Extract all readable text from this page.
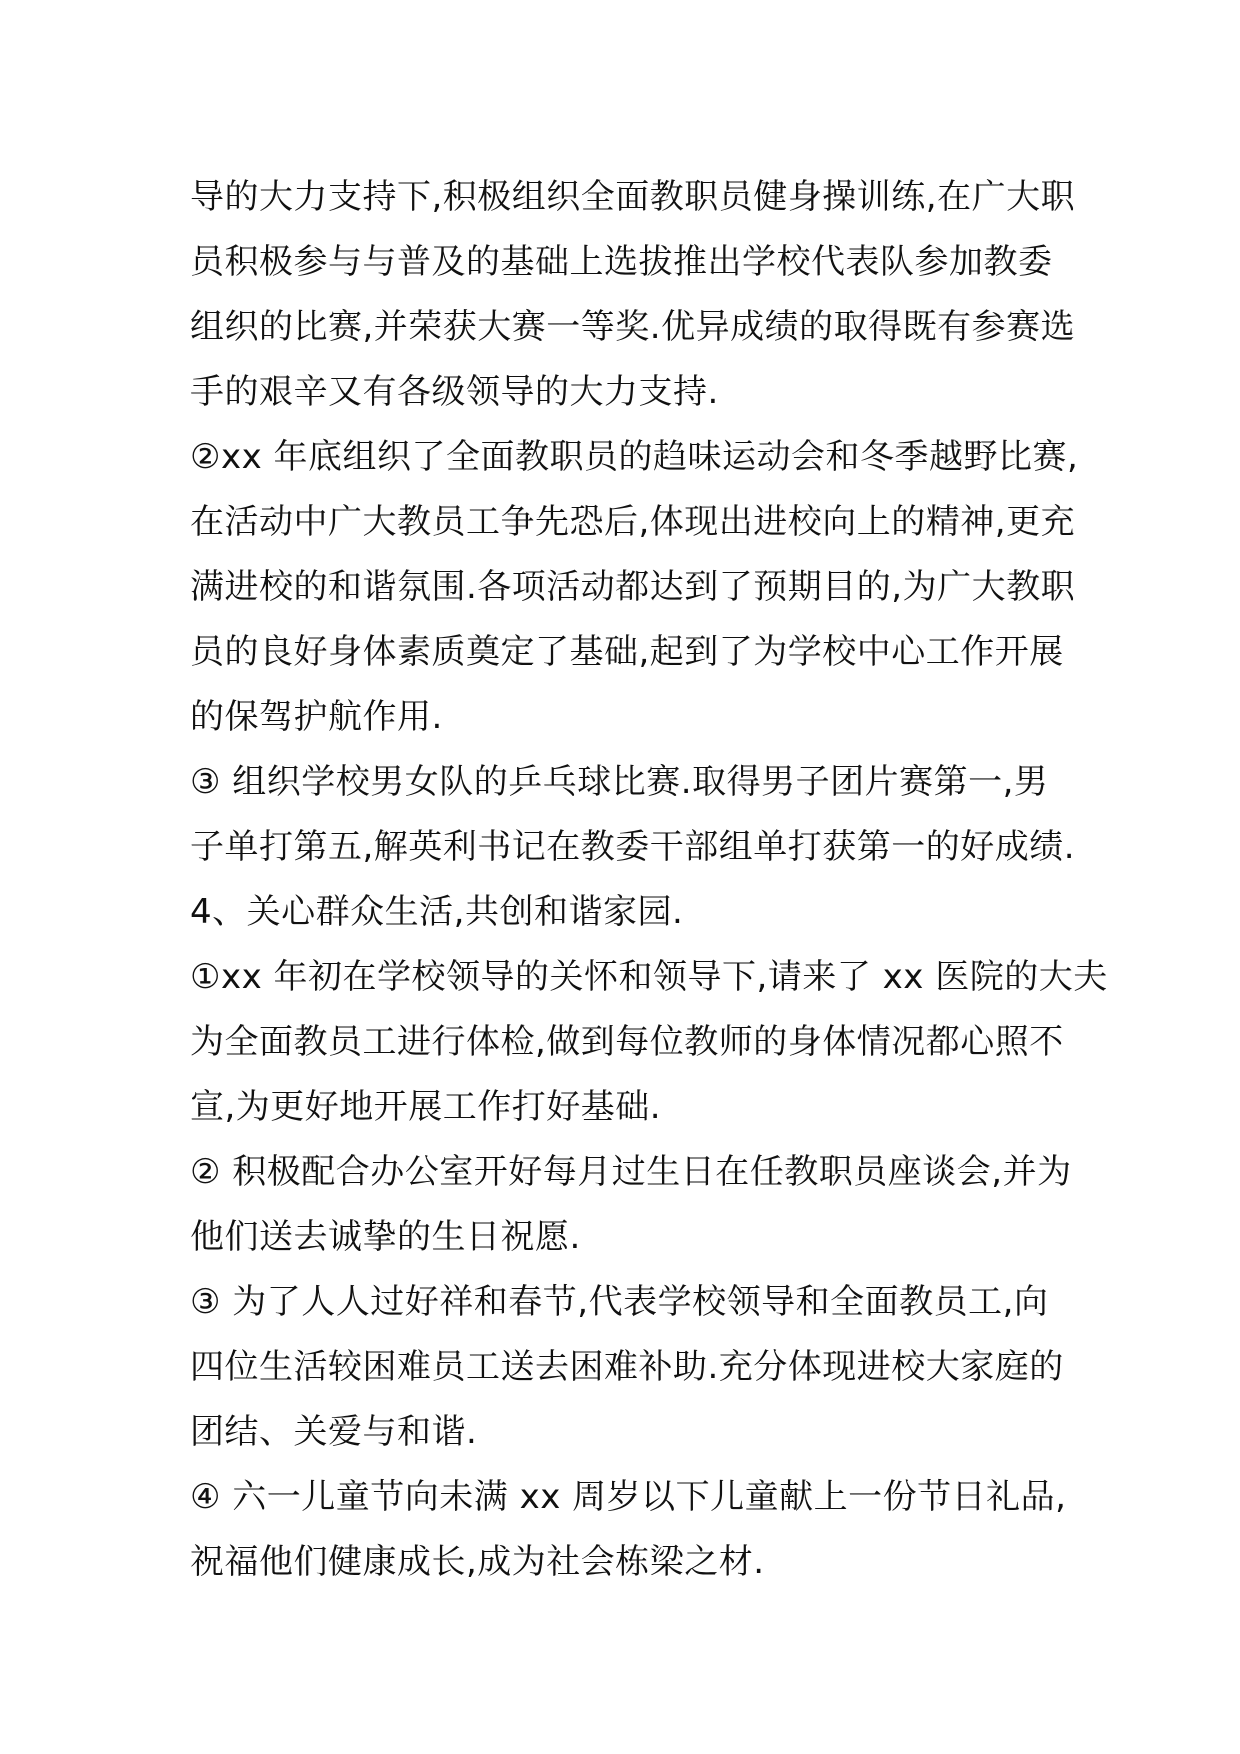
导的大力支持下,积极组织全面教职员健身操训练,在广大职
员积极参与与普及的基础上选拔推出学校代表队参加教委
组织的比赛,并荣获大赛一等奖.优异成绩的取得既有参赛选
手的艰辛又有各级领导的大力支持.
②xx 年底组织了全面教职员的趋味运动会和冬季越野比赛,
在活动中广大教员工争先恐后,体现出进校向上的精神,更充
满进校的和谐氛围.各项活动都达到了预期目的,为广大教职
员的良好身体素质奠定了基础,起到了为学校中心工作开展
的保驾护航作用.
③ 组织学校男女队的乒乓球比赛.取得男子团片赛第一,男
子单打第五,解英利书记在教委干部组单打获第一的好成绩.
4、关心群众生活,共创和谐家园.
①xx 年初在学校领导的关怀和领导下,请来了 xx 医院的大夫
为全面教员工进行体检,做到每位教师的身体情况都心照不
宣,为更好地开展工作打好基础.
② 积极配合办公室开好每月过生日在任教职员座谈会,并为
他们送去诚挚的生日祝愿.
③ 为了人人过好祥和春节,代表学校领导和全面教员工,向
四位生活较困难员工送去困难补助.充分体现进校大家庭的
团结、关爱与和谐.
④ 六一儿童节向未满 xx 周岁以下儿童献上一份节日礼品,
祝福他们健康成长,成为社会栋梁之材.
